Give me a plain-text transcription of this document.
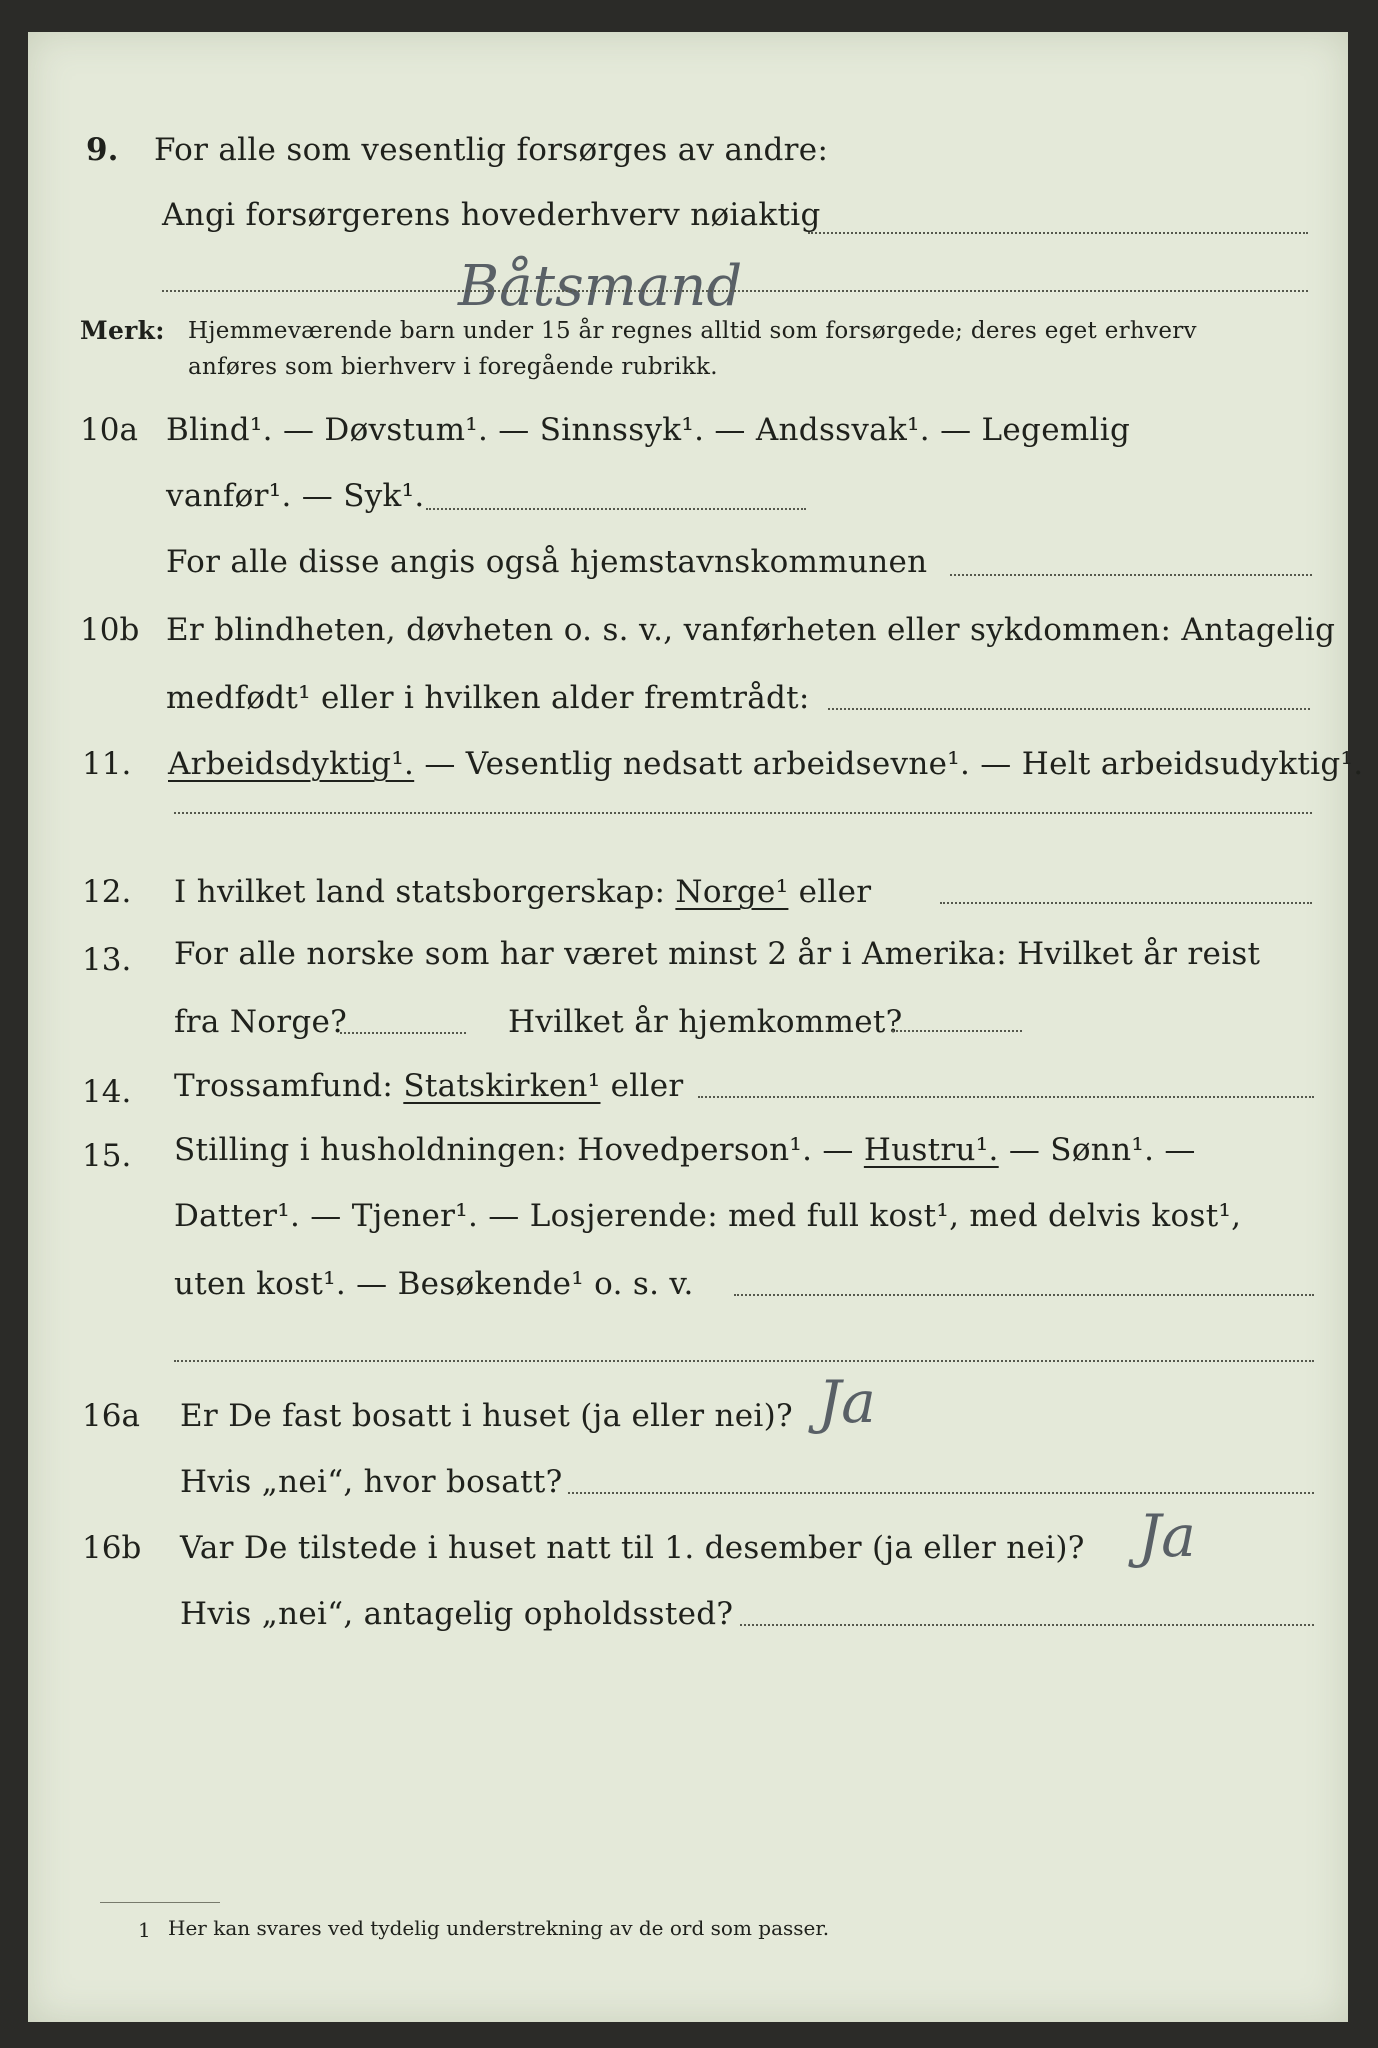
9. For alle som vesentlig forsørges av andre:
Angi forsørgerens hovederhverv nøiaktig
Båtsmand
Merk: Hjemmeværende barn under 15 år regnes alltid som forsørgede; deres eget erhverv
anføres som bierhverv i foregående rubrikk.
10a Blind¹. — Døvstum¹. — Sinnssyk¹. — Andssvak¹. — Legemlig
vanfør¹. — Syk¹.
For alle disse angis også hjemstavnskommunen
10b Er blindheten, døvheten o. s. v., vanførheten eller sykdommen: Antagelig
medfødt¹ eller i hvilken alder fremtrådt:
11. Arbeidsdyktig¹. — Vesentlig nedsatt arbeidsevne¹. — Helt arbeidsudyktig¹.
12. I hvilket land statsborgerskap: Norge¹ eller
13. For alle norske som har været minst 2 år i Amerika: Hvilket år reist
fra Norge?	Hvilket år hjemkommet?
14. Trossamfund: Statskirken¹ eller
15. Stilling i husholdningen: Hovedperson¹. — Hustru¹. — Sønn¹. —
Datter¹. — Tjener¹. — Losjerende: med full kost¹, med delvis kost¹,
uten kost¹. — Besøkende¹ o. s. v.
16a Er De fast bosatt i huset (ja eller nei)? Ja
Hvis „nei“, hvor bosatt?
16b Var De tilstede i huset natt til 1. desember (ja eller nei)? Ja
Hvis „nei“, antagelig opholdssted?
1 Her kan svares ved tydelig understrekning av de ord som passer.
